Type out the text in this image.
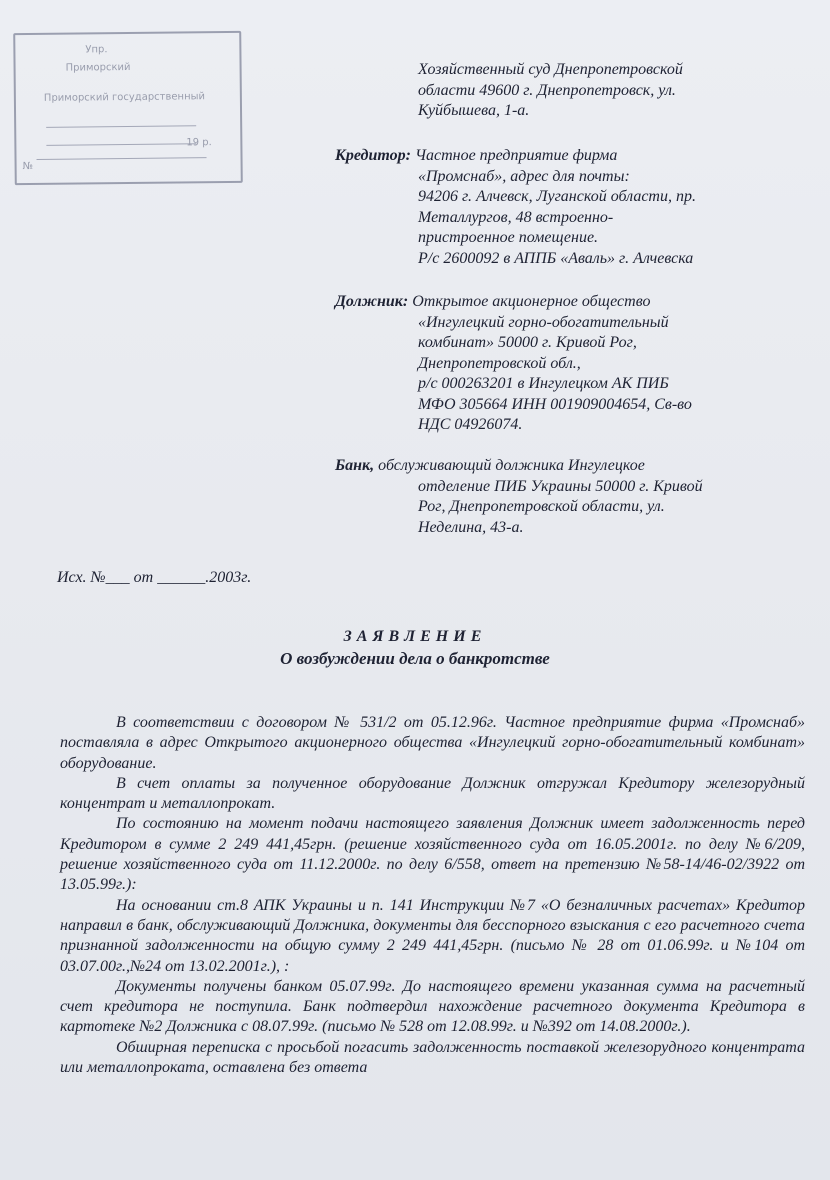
Упр.
Приморский
Приморский государственный
19 р.
№
Хозяйственный суд Днепропетровской
области 49600 г. Днепропетровск, ул.
Куйбышева, 1-а.
Кредитор: Частное предприятие фирма
«Промснаб», адрес для почты:
94206 г. Алчевск, Луганской области, пр.
Металлургов, 48 встроенно-
пристроенное помещение.
Р/с 2600092 в АППБ «Аваль» г. Алчевска
Должник: Открытое акционерное общество
«Ингулецкий горно-обогатительный
комбинат» 50000 г. Кривой Рог,
Днепропетровской обл.,
р/с 000263201 в Ингулецком АК ПИБ
МФО 305664 ИНН 001909004654, Св-во
НДС 04926074.
Банк, обслуживающий должника Ингулецкое
отделение ПИБ Украины 50000 г. Кривой
Рог, Днепропетровской области, ул.
Неделина, 43-а.
Исх. №___ от ______.2003г.
ЗАЯВЛЕНИЕ
О возбуждении дела о банкротстве

В соответствии с договором № 531/2 от 05.12.96г. Частное предприятие фирма «Промснаб» поставляла в адрес Открытого акционерного общества «Ингулецкий горно-обогатительный комбинат» оборудование.

В счет оплаты за полученное оборудование Должник отгружал Кредитору железорудный концентрат и металлопрокат.

По состоянию на момент подачи настоящего заявления Должник имеет задолженность перед Кредитором в сумме 2 249 441,45грн. (решение хозяйственного суда от 16.05.2001г. по делу №6/209, решение хозяйственного суда от 11.12.2000г. по делу 6/558, ответ на претензию №58-14/46-02/3922 от 13.05.99г.):

На основании ст.8 АПК Украины и п. 141 Инструкции №7 «О безналичных расчетах» Кредитор направил в банк, обслуживающий Должника, документы для бесспорного взыскания с его расчетного счета признанной задолженности на общую сумму 2 249 441,45грн. (письмо № 28 от 01.06.99г. и №104 от 03.07.00г.,№24 от 13.02.2001г.), :

Документы получены банком 05.07.99г. До настоящего времени указанная сумма на расчетный счет кредитора не поступила. Банк подтвердил нахождение расчетного документа Кредитора в картотеке №2 Должника с 08.07.99г. (письмо № 528 от 12.08.99г. и №392 от 14.08.2000г.).

Обширная переписка с просьбой погасить задолженность поставкой железорудного концентрата или металлопроката, оставлена без ответа
